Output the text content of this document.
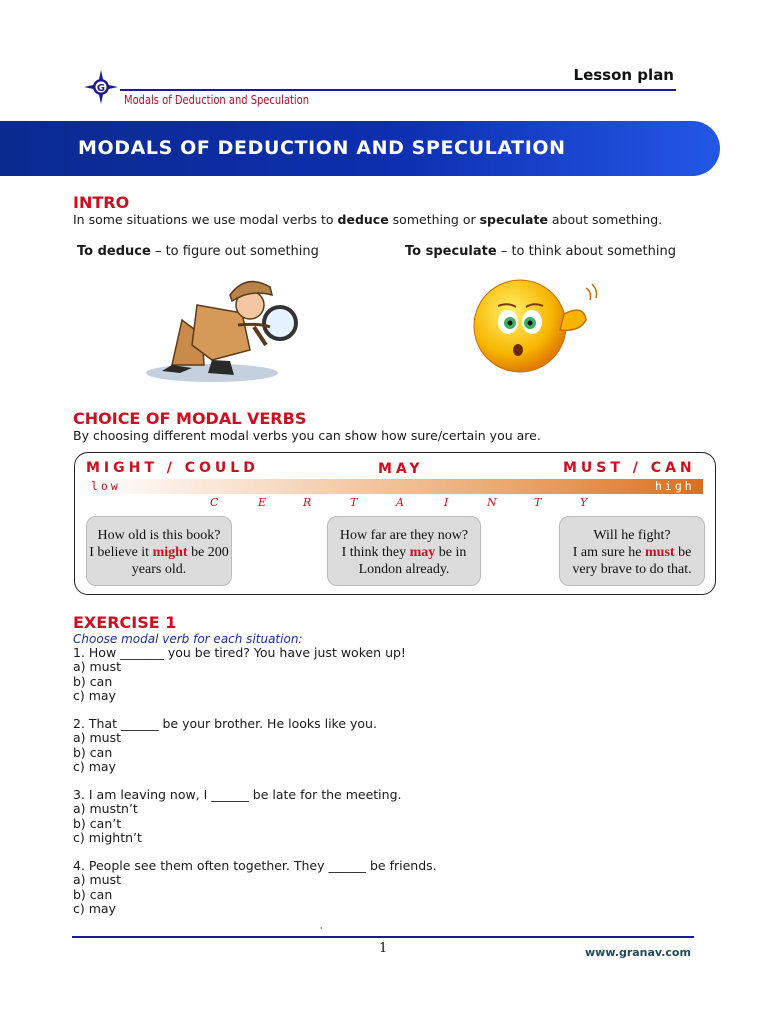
G
Lesson plan
Modals of Deduction and Speculation
MODALS OF DEDUCTION AND SPECULATION
INTRO
In some situations we use modal verbs to deduce something or speculate about something.
To deduce – to figure out something	To speculate – to think about something
CHOICE OF MODAL VERBS
By choosing different modal verbs you can show how sure/certain you are.
MIGHT / COULD	MAY	MUST / CAN
low	high
C	E	R	T	A	I	N	T	Y
How old is this book?
I believe it might be 200 years old.
How far are they now?
I think they may be in London already.
Will he fight?
I am sure he must be very brave to do that.
EXERCISE 1
Choose modal verb for each situation:
1. How _______ you be tired? You have just woken up!
a) must
b) can
c) may
2. That ______ be your brother. He looks like you.
a) must
b) can
c) may
3. I am leaving now, I ______ be late for the meeting.
a) mustn’t
b) can’t
c) mightn’t
4. People see them often together. They ______ be friends.
a) must
b) can
c) may
'
1	www.granav.com
